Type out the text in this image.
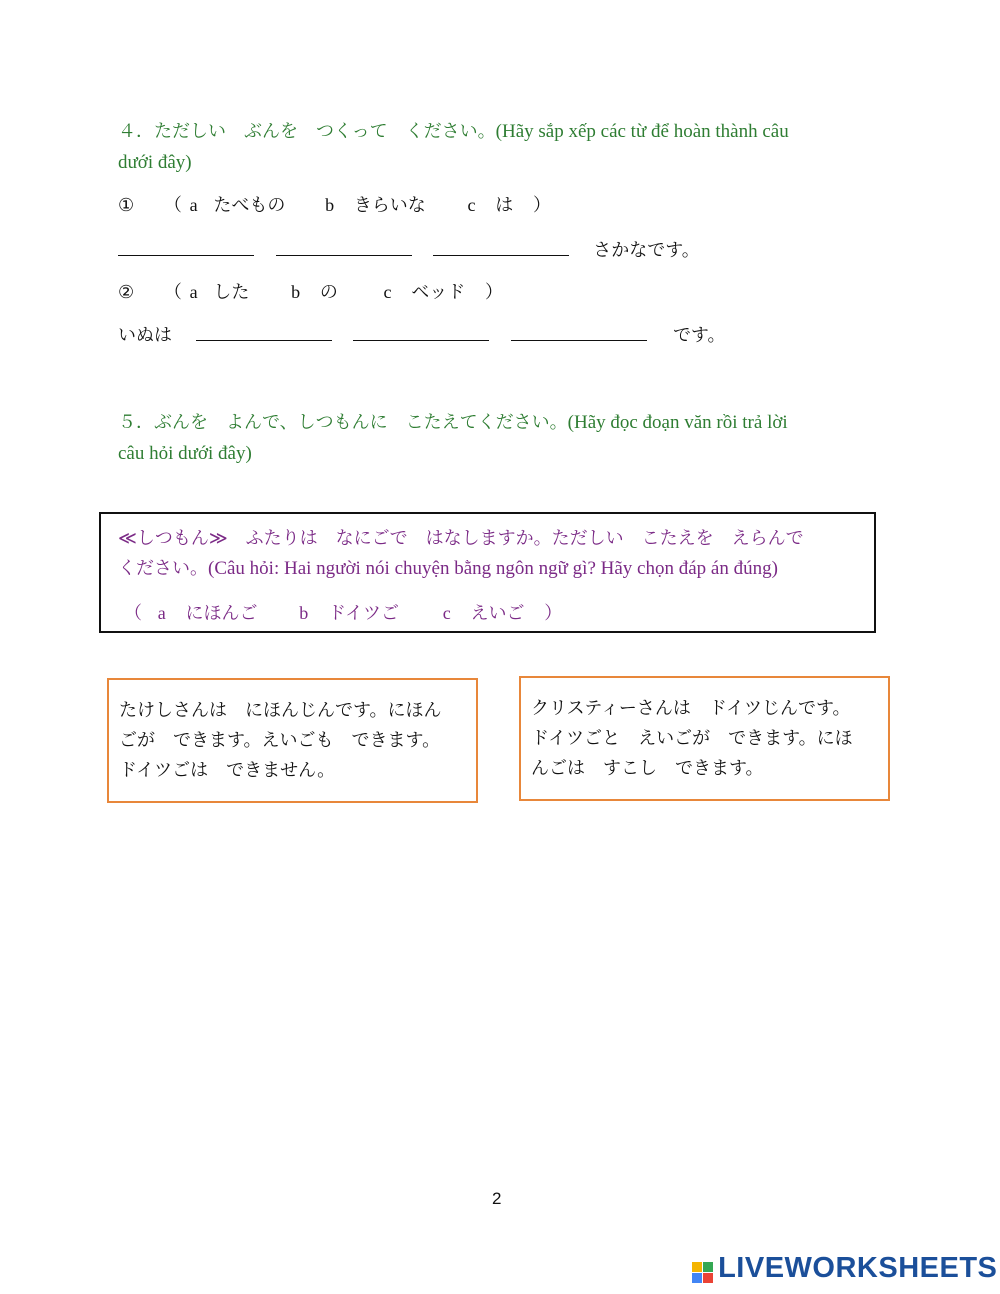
４．ただしい　ぶんを　つくって　ください。(Hãy sắp xếp các từ để hoàn thành câu
dưới đây)
① （ a たべもの b きらいな c は ）
さかなです。
② （ a した b の	c ベッド ）
いぬは	です。
５．ぶんを　よんで、しつもんに　こたえてください。(Hãy đọc đoạn văn rồi trả lời
câu hỏi dưới đây)
≪しつもん≫　ふたりは　なにごで　はなしますか。ただしい　こたえを　えらんで
ください。(Câu hỏi: Hai người nói chuyện bằng ngôn ngữ gì? Hãy chọn đáp án đúng)
（ a にほんご b ドイツご c えいご ）

たけしさんは　にほんじんです。にほん

ごが　できます。えいごも　できます。

ドイツごは　できません。

クリスティーさんは　ドイツじんです。

ドイツごと　えいごが　できます。にほ

んごは　すこし　できます。

2
LIVEWORKSHEETS
